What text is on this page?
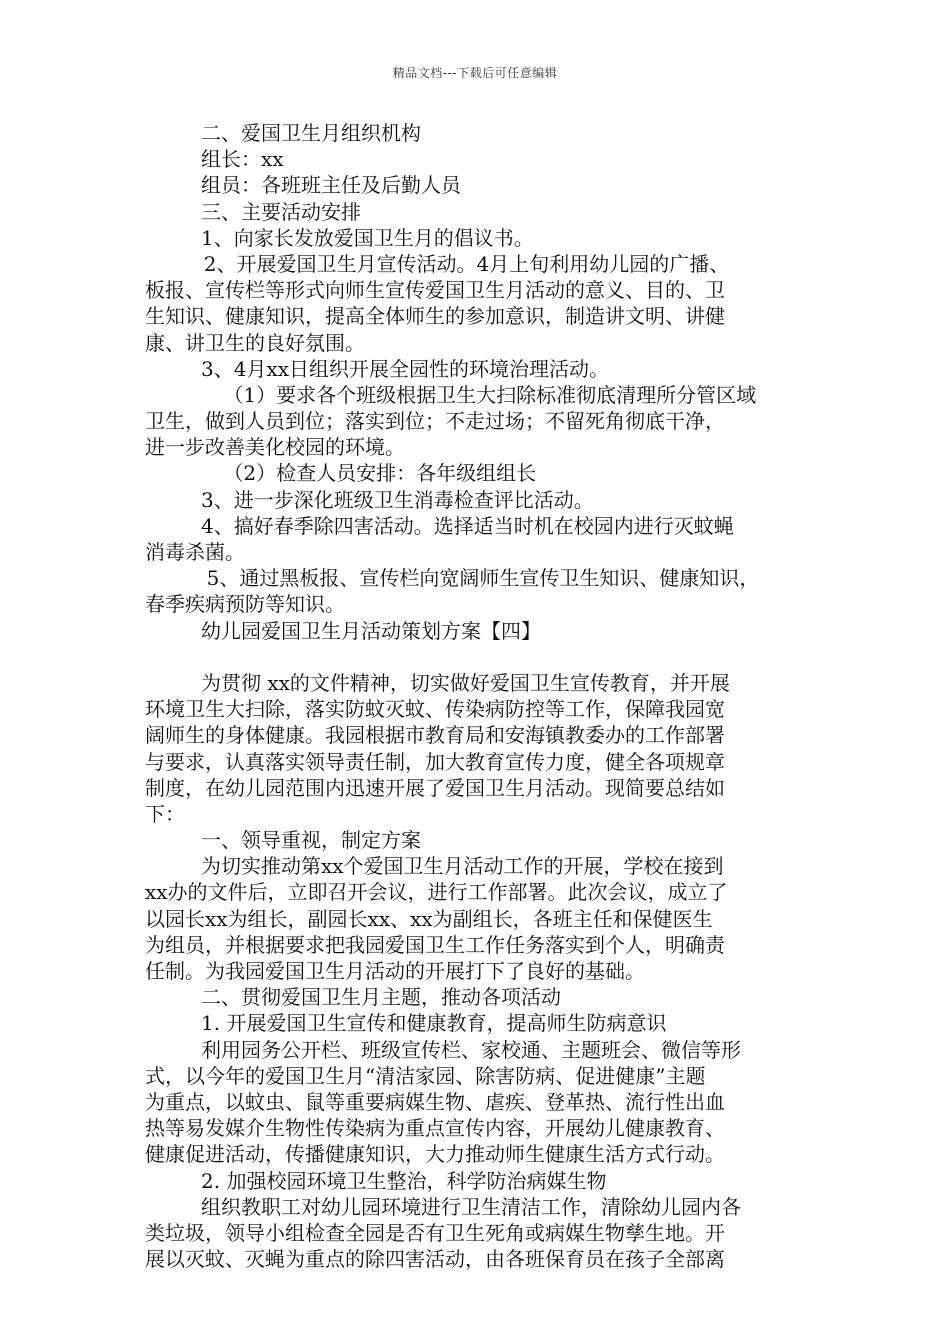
精品文档---下载后可任意编辑
二、爱国卫生月组织机构
组长：xx
组员：各班班主任及后勤人员
三、主要活动安排
1、向家长发放爱国卫生月的倡议书。
2、开展爱国卫生月宣传活动。4月上旬利用幼儿园的广播、
板报、宣传栏等形式向师生宣传爱国卫生月活动的意义、目的、卫
生知识、健康知识，提高全体师生的参加意识，制造讲文明、讲健
康、讲卫生的良好氛围。
3、4月xx日组织开展全园性的环境治理活动。
（1）要求各个班级根据卫生大扫除标准彻底清理所分管区域
卫生，做到人员到位；落实到位；不走过场；不留死角彻底干净，
进一步改善美化校园的环境。
（2）检查人员安排：各年级组组长
3、进一步深化班级卫生消毒检查评比活动。
4、搞好春季除四害活动。选择适当时机在校园内进行灭蚊蝇
消毒杀菌。
5、通过黑板报、宣传栏向宽阔师生宣传卫生知识、健康知识，
春季疾病预防等知识。
幼儿园爱国卫生月活动策划方案【四】
为贯彻 xx的文件精神，切实做好爱国卫生宣传教育，并开展
环境卫生大扫除，落实防蚊灭蚊、传染病防控等工作，保障我园宽
阔师生的身体健康。我园根据市教育局和安海镇教委办的工作部署
与要求，认真落实领导责任制，加大教育宣传力度，健全各项规章
制度，在幼儿园范围内迅速开展了爱国卫生月活动。现简要总结如
下：
一、领导重视，制定方案
为切实推动第xx个爱国卫生月活动工作的开展，学校在接到
xx办的文件后，立即召开会议，进行工作部署。此次会议，成立了
以园长xx为组长，副园长xx、xx为副组长，各班主任和保健医生
为组员，并根据要求把我园爱国卫生工作任务落实到个人，明确责
任制。为我园爱国卫生月活动的开展打下了良好的基础。
二、贯彻爱国卫生月主题，推动各项活动
1. 开展爱国卫生宣传和健康教育，提高师生防病意识
利用园务公开栏、班级宣传栏、家校通、主题班会、微信等形
式，以今年的爱国卫生月“清洁家园、除害防病、促进健康”主题
为重点，以蚊虫、鼠等重要病媒生物、虐疾、登革热、流行性出血
热等易发媒介生物性传染病为重点宣传内容，开展幼儿健康教育、
健康促进活动，传播健康知识，大力推动师生健康生活方式行动。
2. 加强校园环境卫生整治，科学防治病媒生物
组织教职工对幼儿园环境进行卫生清洁工作，清除幼儿园内各
类垃圾，领导小组检查全园是否有卫生死角或病媒生物孳生地。开
展以灭蚊、灭蝇为重点的除四害活动，由各班保育员在孩子全部离
